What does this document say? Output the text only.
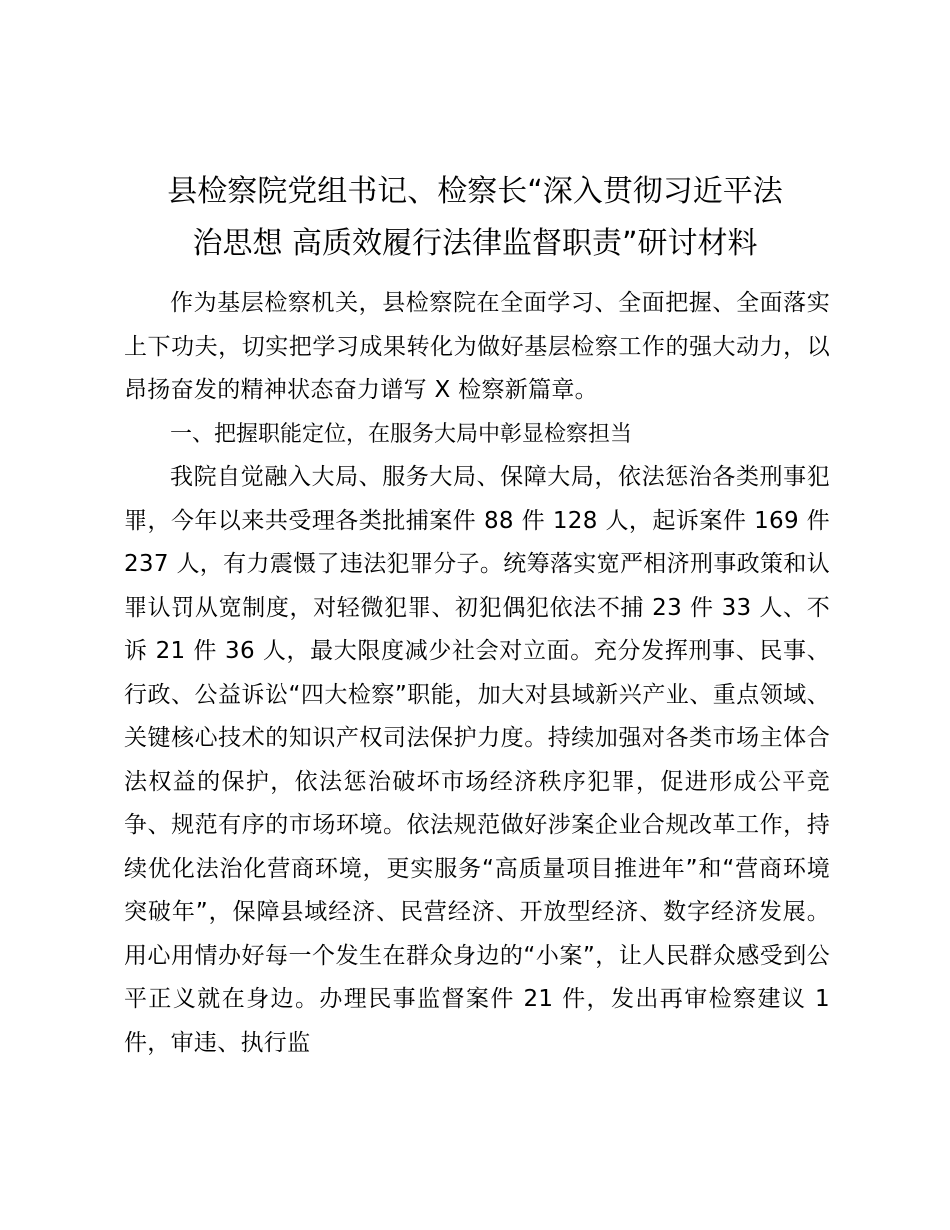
县检察院党组书记、检察长“深入贯彻习近平法
治思想 高质效履行法律监督职责”研讨材料

作为基层检察机关，县检察院在全面学习、全面把握、全面落实上下功夫，切实把学习成果转化为做好基层检察工作的强大动力，以昂扬奋发的精神状态奋力谱写 X 检察新篇章。

一、把握职能定位，在服务大局中彰显检察担当

我院自觉融入大局、服务大局、保障大局，依法惩治各类刑事犯罪，今年以来共受理各类批捕案件 88 件 128 人，起诉案件 169 件 237 人，有力震慑了违法犯罪分子。统筹落实宽严相济刑事政策和认罪认罚从宽制度，对轻微犯罪、初犯偶犯依法不捕 23 件 33 人、不诉 21 件 36 人，最大限度减少社会对立面。充分发挥刑事、民事、行政、公益诉讼“四大检察”职能，加大对县域新兴产业、重点领域、关键核心技术的知识产权司法保护力度。持续加强对各类市场主体合法权益的保护，依法惩治破坏市场经济秩序犯罪，促进形成公平竞争、规范有序的市场环境。依法规范做好涉案企业合规改革工作，持续优化法治化营商环境，更实服务“高质量项目推进年”和“营商环境突破年”，保障县域经济、民营经济、开放型经济、数字经济发展。用心用情办好每一个发生在群众身边的“小案”，让人民群众感受到公平正义就在身边。办理民事监督案件 21 件，发出再审检察建议 1 件，审违、执行监
